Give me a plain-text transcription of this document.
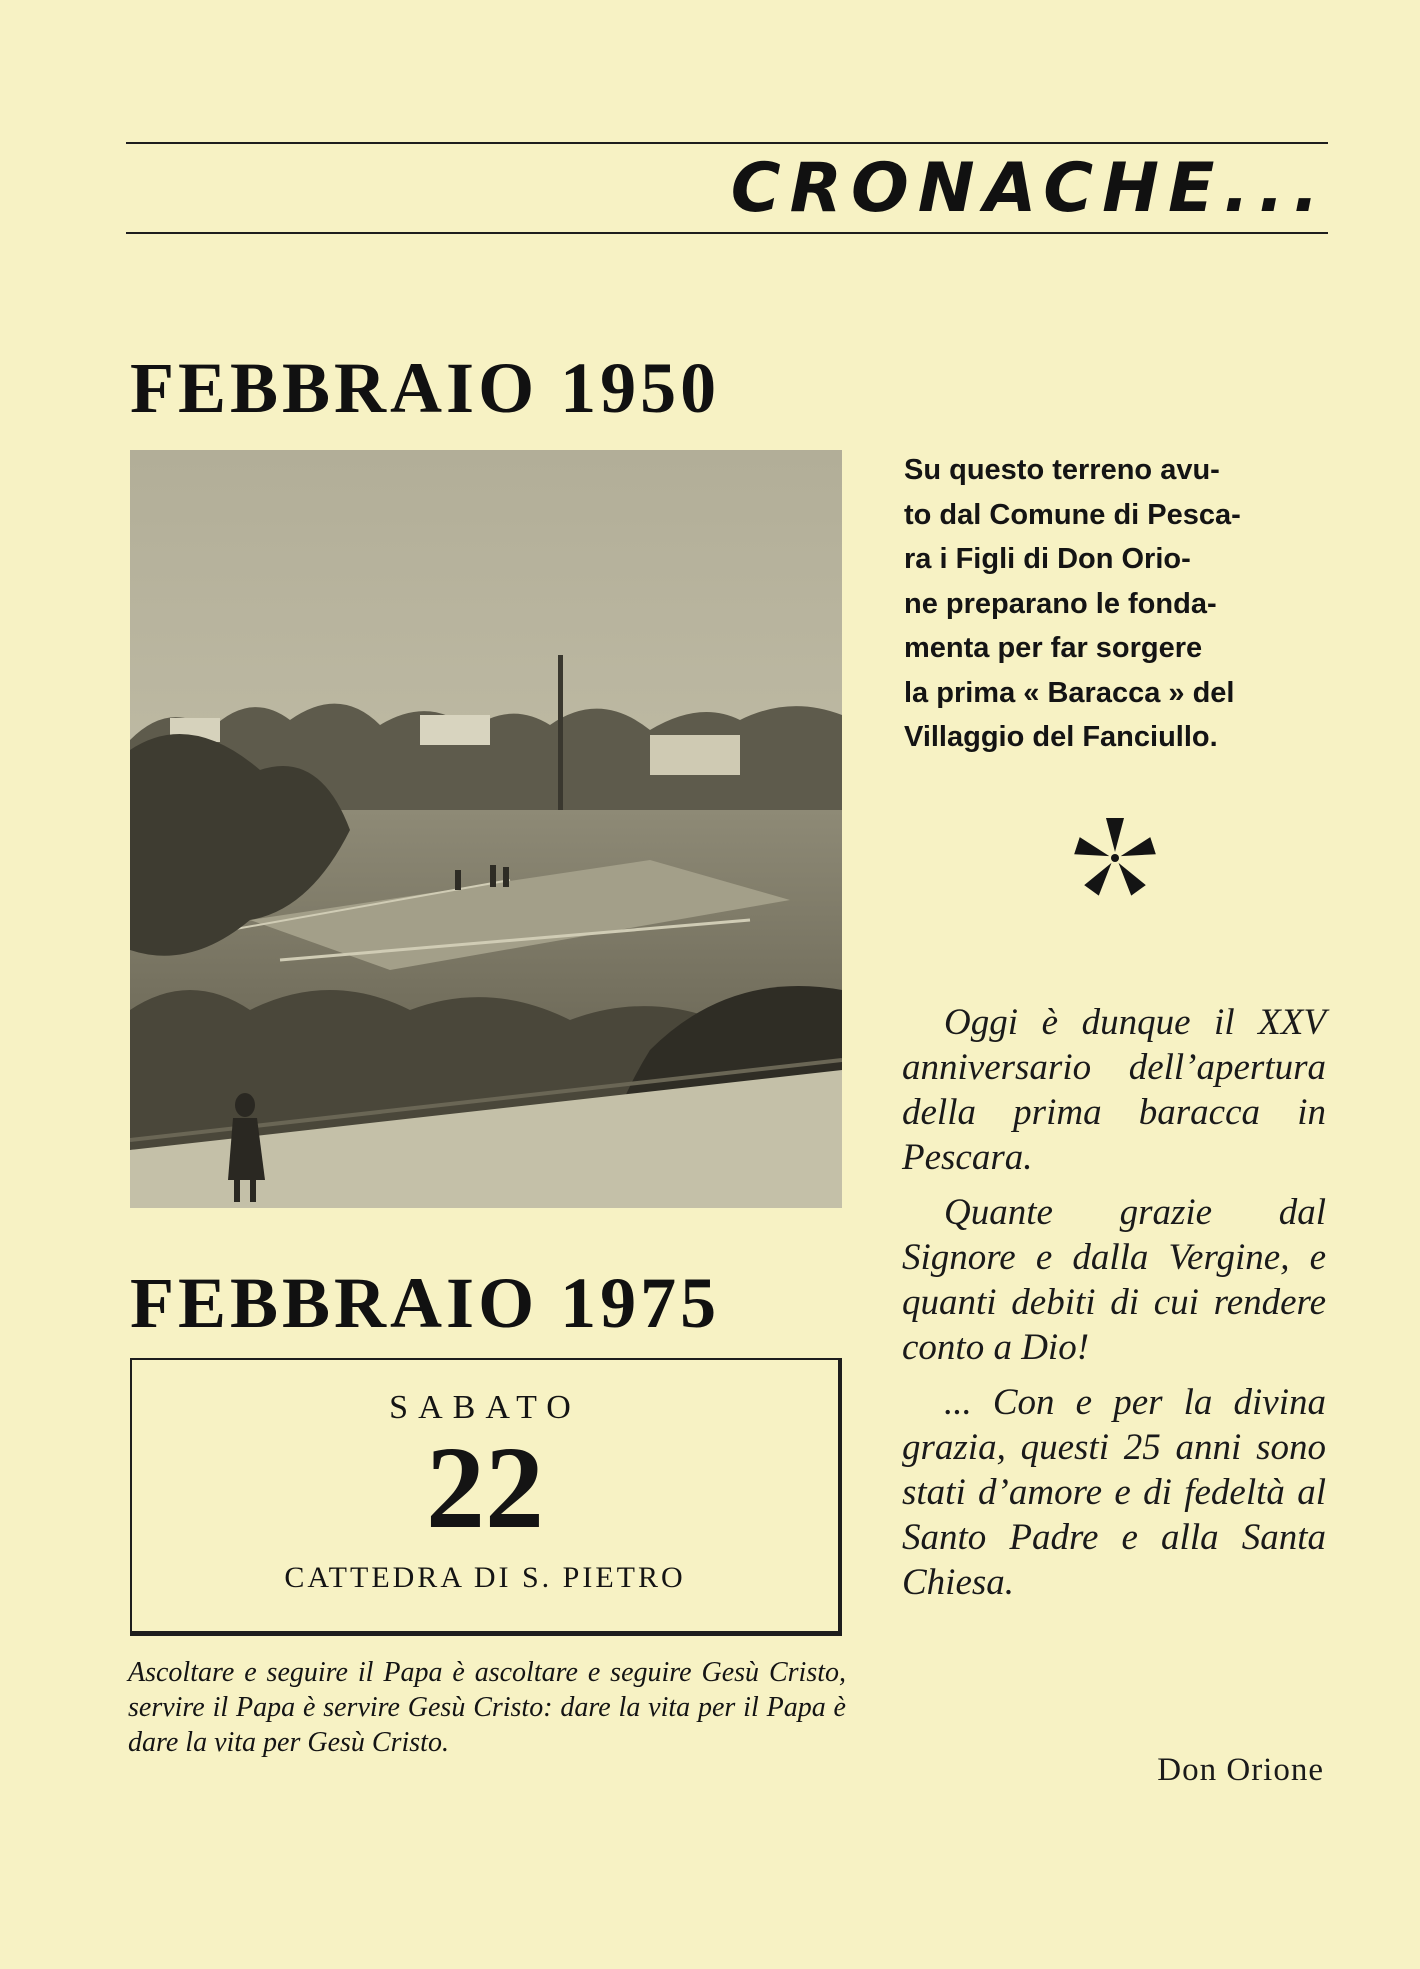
CRONACHE...
FEBBRAIO 1950
FEBBRAIO 1975
SABATO
22
CATTEDRA DI S. PIETRO
Ascoltare e seguire il Papa è ascoltare e seguire Gesù Cristo, servire il Papa è servire Gesù Cristo: dare la vita per il Papa è dare la vita per Gesù Cristo.
Su questo terreno avu-
to dal Comune di Pesca-
ra i Figli di Don Orio-
ne preparano le fonda-
menta per far sorgere
la prima « Baracca » del
Villaggio del Fanciullo.

Oggi è dunque il XXV anniversario dell’apertura della prima baracca in Pescara.

Quante grazie dal Signore e dalla Vergine, e quanti debiti di cui rendere conto a Dio!

... Con e per la divina grazia, questi 25 anni sono stati d’amore e di fedeltà al Santo Padre e alla Santa Chiesa.

Don Orione
